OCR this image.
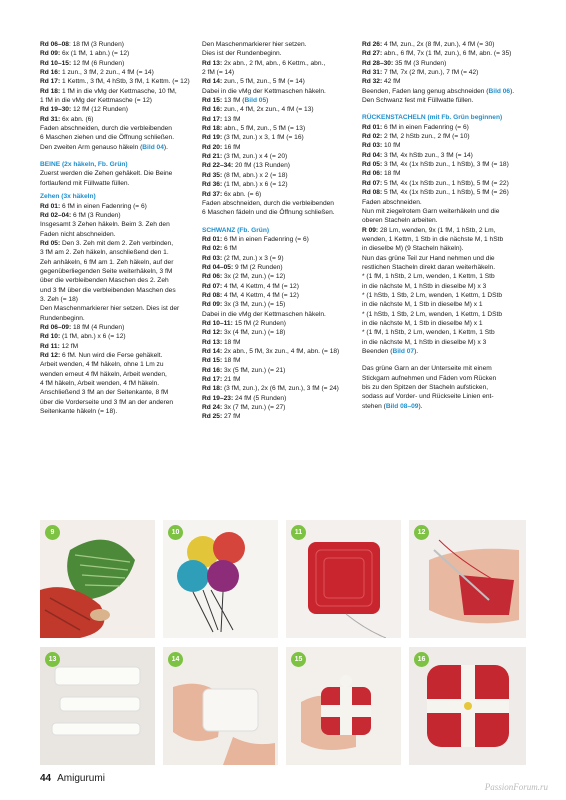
Rd 06–08: 18 fM (3 Runden)

Rd 09: 6x (1 fM, 1 abn.) (= 12)

Rd 10–15: 12 fM (6 Runden)

Rd 16: 1 zun., 3 fM, 2 zun., 4 fM (= 14)

Rd 17: 1 Kettm., 3 fM, 4 hStb, 3 fM, 1 Kettm. (= 12)

Rd 18: 1 fM in die vMg der Kettmasche, 10 fM,

1 fM in die vMg der Kettmasche (= 12)

Rd 19–30: 12 fM (12 Runden)

Rd 31: 6x abn. (6)

Faden abschneiden, durch die verbleibenden

6 Maschen ziehen und die Öffnung schließen.

Den zweiten Arm genauso häkeln (Bild 04).

BEINE (2x häkeln, Fb. Grün)

Zuerst werden die Zehen gehäkelt. Die Beine

fortlaufend mit Füllwatte füllen.

Zehen (3x häkeln)

Rd 01: 6 fM in einen Fadenring (= 6)

Rd 02–04: 6 fM (3 Runden)

Insgesamt 3 Zehen häkeln. Beim 3. Zeh den

Faden nicht abschneiden.

Rd 05: Den 3. Zeh mit dem 2. Zeh verbinden,

3 fM am 2. Zeh häkeln, anschließend den 1.

Zeh anhäkeln, 6 fM am 1. Zeh häkeln, auf der

gegenüberliegenden Seite weiterhäkeln, 3 fM

über die verbleibenden Maschen des 2. Zeh

und 3 fM über die verbleibenden Maschen des

3. Zeh (= 18)

Den Maschenmarkierer hier setzen. Dies ist der

Rundenbeginn.

Rd 06–09: 18 fM (4 Runden)

Rd 10: (1 fM, abn.) x 6 (= 12)

Rd 11: 12 fM

Rd 12: 6 fM. Nun wird die Ferse gehäkelt.

Arbeit wenden, 4 fM häkeln, ohne 1 Lm zu

wenden erneut 4 fM häkeln, Arbeit wenden,

4 fM häkeln, Arbeit wenden, 4 fM häkeln.

Anschließend 3 fM an der Seitenkante, 8 fM

über die Vorderseite und 3 fM an der anderen

Seitenkante häkeln (= 18).

Den Maschenmarkierer hier setzen.

Dies ist der Rundenbeginn.

Rd 13: 2x abn., 2 fM, abn., 6 Kettm., abn.,

2 fM (= 14)

Rd 14: zun., 5 fM, zun., 5 fM (= 14)

Dabei in die vMg der Kettmaschen häkeln.

Rd 15: 13 fM (Bild 05)

Rd 16: zun., 4 fM, 2x zun., 4 fM (= 13)

Rd 17: 13 fM

Rd 18: abn., 5 fM, zun., 5 fM (= 13)

Rd 19: (3 fM, zun.) x 3, 1 fM (= 16)

Rd 20: 16 fM

Rd 21: (3 fM, zun.) x 4 (= 20)

Rd 22–34: 20 fM (13 Runden)

Rd 35: (8 fM, abn.) x 2 (= 18)

Rd 36: (1 fM, abn.) x 6 (= 12)

Rd 37: 6x abn. (= 6)

Faden abschneiden, durch die verbleibenden

6 Maschen fädeln und die Öffnung schließen.

SCHWANZ (Fb. Grün)

Rd 01: 6 fM in einen Fadenring (= 6)

Rd 02: 6 fM

Rd 03: (2 fM, zun.) x 3 (= 9)

Rd 04–05: 9 fM (2 Runden)

Rd 06: 3x (2 fM, zun.) (= 12)

Rd 07: 4 fM, 4 Kettm, 4 fM (= 12)

Rd 08: 4 fM, 4 Kettm, 4 fM (= 12)

Rd 09: 3x (3 fM, zun.) (= 15)

Dabei in die vMg der Kettmaschen häkeln.

Rd 10–11: 15 fM (2 Runden)

Rd 12: 3x (4 fM, zun.) (= 18)

Rd 13: 18 fM

Rd 14: 2x abn., 5 fM, 3x zun., 4 fM, abn. (= 18)

Rd 15: 18 fM

Rd 16: 3x (5 fM, zun.) (= 21)

Rd 17: 21 fM

Rd 18: (3 fM, zun.), 2x (6 fM, zun.), 3 fM (= 24)

Rd 19–23: 24 fM (5 Runden)

Rd 24: 3x (7 fM, zun.) (= 27)

Rd 25: 27 fM

Rd 26: 4 fM, zun., 2x (8 fM, zun.), 4 fM (= 30)

Rd 27: abn., 6 fM, 7x (1 fM, zun.), 6 fM, abn. (= 35)

Rd 28–30: 35 fM (3 Runden)

Rd 31: 7 fM, 7x (2 fM, zun.), 7 fM (= 42)

Rd 32: 42 fM

Beenden, Faden lang genug abschneiden (Bild 06).

Den Schwanz fest mit Füllwatte füllen.

RÜCKENSTACHELN (mit Fb. Grün beginnen)

Rd 01: 6 fM in einen Fadenring (= 6)

Rd 02: 2 fM, 2 hStb zun., 2 fM (= 10)

Rd 03: 10 fM

Rd 04: 3 fM, 4x hStb zun., 3 fM (= 14)

Rd 05: 3 fM, 4x (1x hStb zun., 1 hStb), 3 fM (= 18)

Rd 06: 18 fM

Rd 07: 5 fM, 4x (1x hStb zun., 1 hStb), 5 fM (= 22)

Rd 08: 5 fM, 4x (1x hStb zun., 1 hStb), 5 fM (= 26)

Faden abschneiden.

Nun mit ziegelrotem Garn weiterhäkeln und die

oberen Stacheln arbeiten.

R 09: 28 Lm, wenden, 9x (1 fM, 1 hStb, 2 Lm,

wenden, 1 Kettm, 1 Stb in die nächste M, 1 hStb

in dieselbe M) (9 Stacheln häkeln).

Nun das grüne Teil zur Hand nehmen und die

restlichen Stacheln direkt daran weiterhäkeln.

* (1 fM, 1 hStb, 2 Lm, wenden, 1 Kettm, 1 Stb

in die nächste M, 1 hStb in dieselbe M) x 3

* (1 hStb, 1 Stb, 2 Lm, wenden, 1 Kettm, 1 DStb

in die nächste M, 1 Stb in dieselbe M) x 1

* (1 hStb, 1 Stb, 2 Lm, wenden, 1 Kettm, 1 DStb

in die nächste M, 1 Stb in dieselbe M) x 1

* (1 fM, 1 hStb, 2 Lm, wenden, 1 Kettm, 1 Stb

in die nächste M, 1 hStb in dieselbe M) x 3

Beenden (Bild 07).

Das grüne Garn an der Unterseite mit einem

Stickgarn aufnehmen und Fäden vom Rücken

bis zu den Spitzen der Stacheln aufsticken,

sodass auf Vorder- und Rückseite Linien ent-

stehen (Bild 08–09).

9	10	11	12
13	14	15	16
44 Amigurumi
PassionForum.ru
